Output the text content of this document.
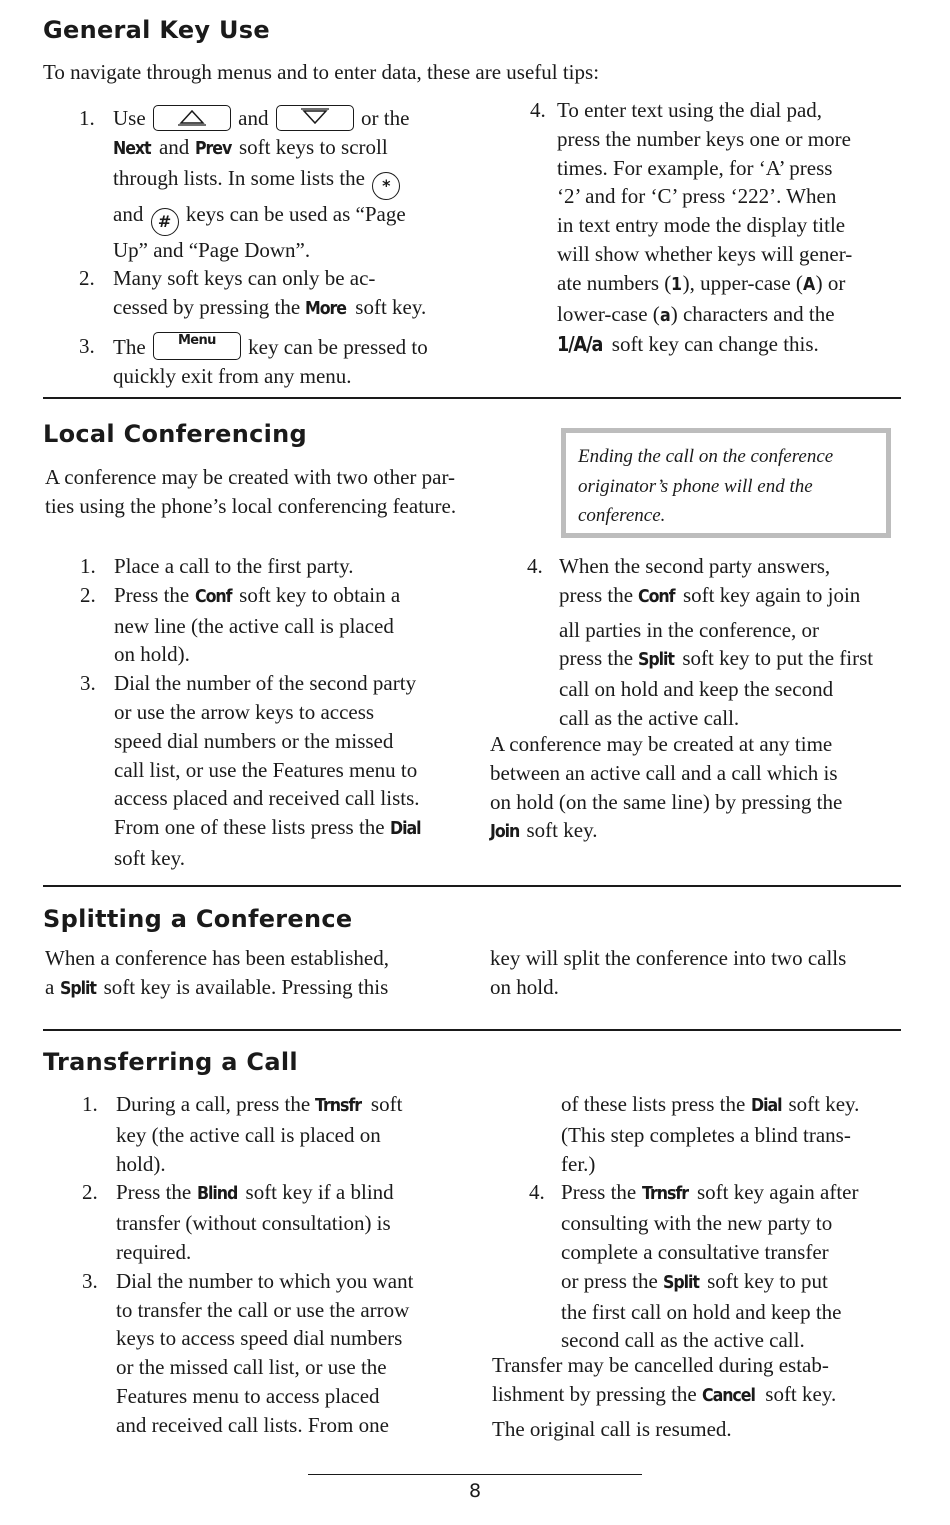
General Key Use

To navigate through menus and to enter data, these are useful tips:

1. Use	and	or the
Next and Prev soft keys to scroll
through lists. In some lists the *
and # keys can be used as “Page
Up” and “Page Down”.
2. Many soft keys can only be ac-
cessed by pressing the More soft key.
3. The	Menu	key can be pressed to
quickly exit from any menu.
4. To enter text using the dial pad,
press the number keys one or more
times. For example, for ‘A’ press
‘2’ and for ‘C’ press ‘222’. When
in text entry mode the display title
will show whether keys will gener-
ate numbers (1), upper-case (A) or
lower-case (a) characters and the
1/A/a soft key can change this.
Local Conferencing

A conference may be created with two other par-
ties using the phone’s local conferencing feature.

Ending the call on the conference
originator’s phone will end the
conference.
1. Place a call to the first party.
2. Press the Conf soft key to obtain a
new line (the active call is placed
on hold).
3. Dial the number of the second party
or use the arrow keys to access
speed dial numbers or the missed
call list, or use the Features menu to
access placed and received call lists.
From one of these lists press the Dial
soft key.
4. When the second party answers,
press the Conf soft key again to join
all parties in the conference, or
press the Split soft key to put the first
call on hold and keep the second
call as the active call.

A conference may be created at any time
between an active call and a call which is
on hold (on the same line) by pressing the
Join soft key.

Splitting a Conference

When a conference has been established,
a Split soft key is available. Pressing this

key will split the conference into two calls
on hold.

Transferring a Call
1. During a call, press the Trnsfr soft
key (the active call is placed on
hold).
2. Press the Blind soft key if a blind
transfer (without consultation) is
required.
3. Dial the number to which you want
to transfer the call or use the arrow
keys to access speed dial numbers
or the missed call list, or use the
Features menu to access placed
and received call lists. From one
of these lists press the Dial soft key.
(This step completes a blind trans-
fer.)
4. Press the Trnsfr soft key again after
consulting with the new party to
complete a consultative transfer
or press the Split soft key to put
the first call on hold and keep the
second call as the active call.

Transfer may be cancelled during estab-
lishment by pressing the Cancel soft key.
The original call is resumed.

8
